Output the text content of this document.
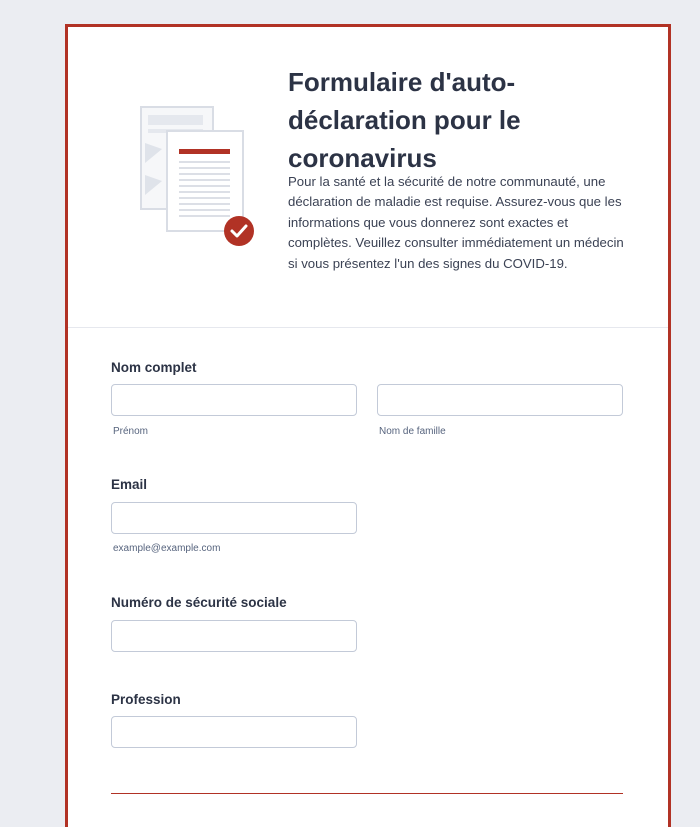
Formulaire d'auto-déclaration pour le coronavirus

Pour la santé et la sécurité de notre communauté, une déclaration de maladie est requise. Assurez-vous que les informations que vous donnerez sont exactes et complètes. Veuillez consulter immédiatement un médecin si vous présentez l'un des signes du COVID-19.

Nom complet
Prénom	Nom de famille
Email
example@example.com
Numéro de sécurité sociale
Profession
